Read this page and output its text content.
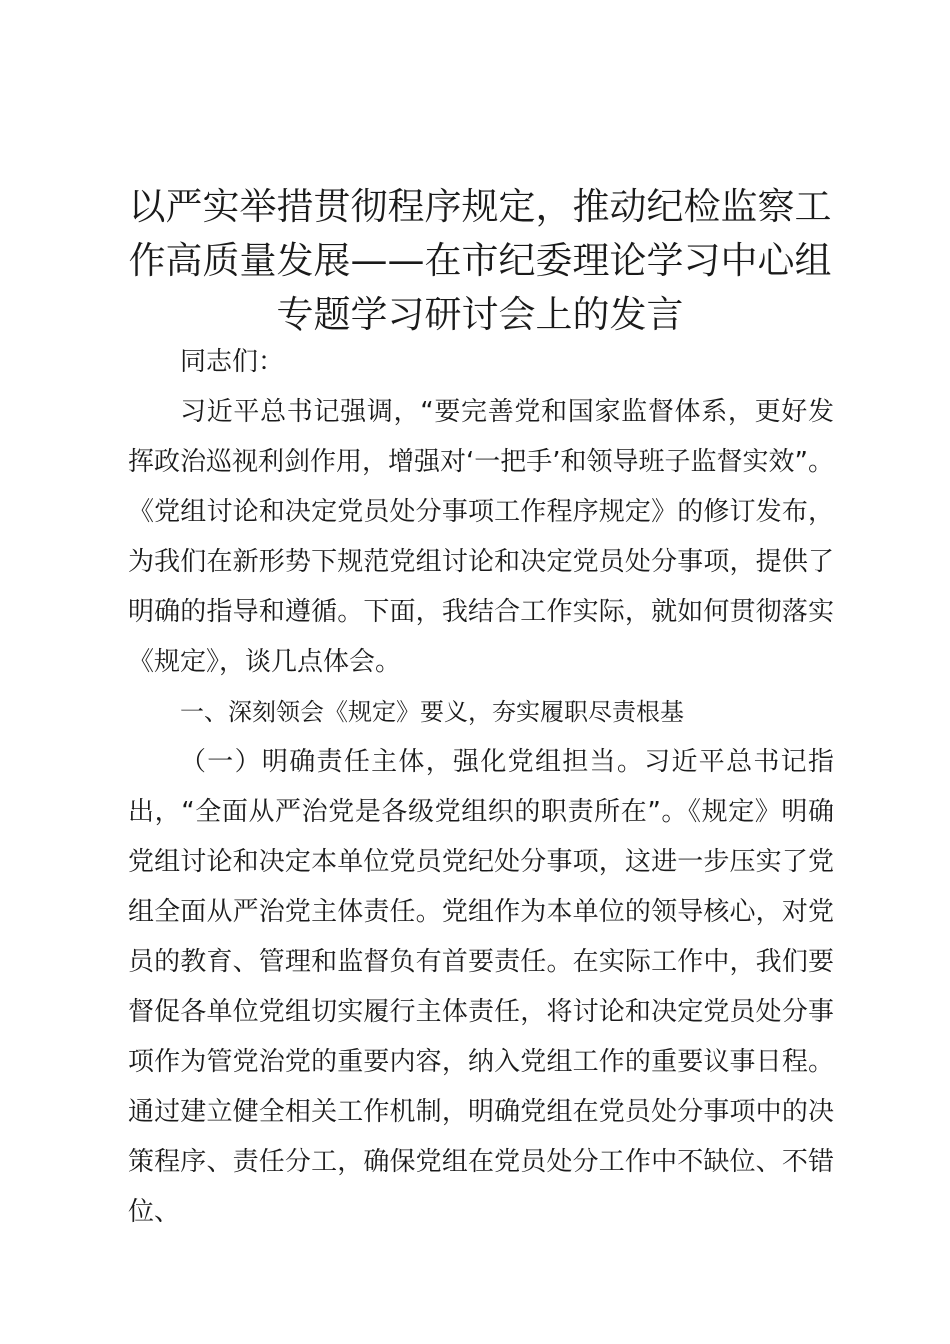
以严实举措贯彻程序规定，推动纪检监察工作高质量发展——在市纪委理论学习中心组专题学习研讨会上的发言

同志们：

习近平总书记强调，“要完善党和国家监督体系，更好发挥政治巡视利剑作用，增强对‘一把手’和领导班子监督实效”。《党组讨论和决定党员处分事项工作程序规定》的修订发布，为我们在新形势下规范党组讨论和决定党员处分事项，提供了明确的指导和遵循。下面，我结合工作实际，就如何贯彻落实《规定》，谈几点体会。

一、深刻领会《规定》要义，夯实履职尽责根基

（一）明确责任主体，强化党组担当。习近平总书记指出，“全面从严治党是各级党组织的职责所在”。《规定》明确党组讨论和决定本单位党员党纪处分事项，这进一步压实了党组全面从严治党主体责任。党组作为本单位的领导核心，对党员的教育、管理和监督负有首要责任。在实际工作中，我们要督促各单位党组切实履行主体责任，将讨论和决定党员处分事项作为管党治党的重要内容，纳入党组工作的重要议事日程。通过建立健全相关工作机制，明确党组在党员处分事项中的决策程序、责任分工，确保党组在党员处分工作中不缺位、不错位、
